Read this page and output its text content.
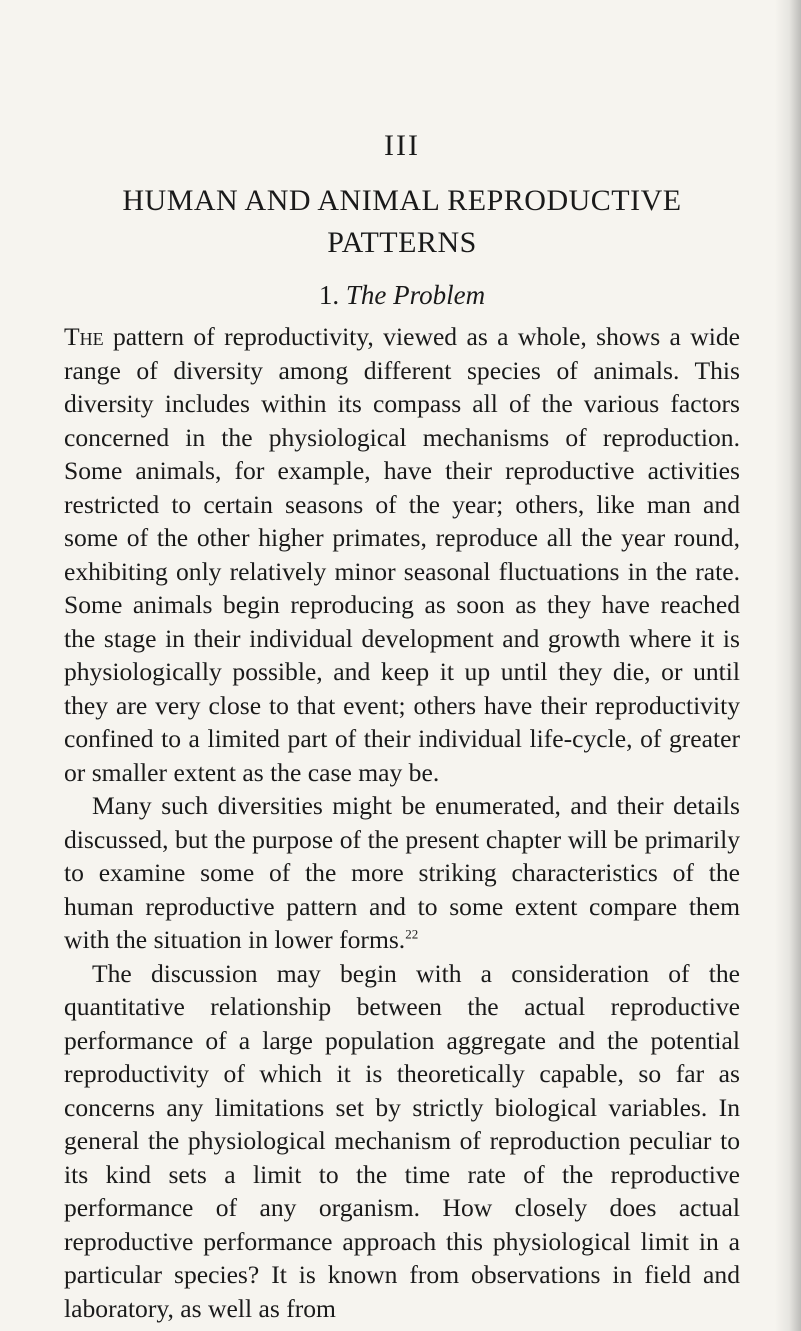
III
HUMAN AND ANIMAL REPRODUCTIVE
PATTERNS
1. The Problem

The pattern of reproductivity, viewed as a whole, shows a wide range of diversity among different species of animals. This diversity includes within its compass all of the various factors concerned in the physiological mechanisms of reproduction. Some animals, for example, have their reproductive activities restricted to certain seasons of the year; others, like man and some of the other higher primates, reproduce all the year round, exhibiting only relatively minor seasonal fluctuations in the rate. Some animals begin reproducing as soon as they have reached the stage in their individual development and growth where it is physiologically possible, and keep it up until they die, or until they are very close to that event; others have their reproductivity confined to a limited part of their individual life-cycle, of greater or smaller extent as the case may be.

Many such diversities might be enumerated, and their details discussed, but the purpose of the present chapter will be primarily to examine some of the more striking characteristics of the human reproductive pattern and to some extent compare them with the situation in lower forms.$^{22}$

The discussion may begin with a consideration of the quantitative relationship between the actual reproductive performance of a large population aggregate and the potential reproductivity of which it is theoretically capable, so far as concerns any limitations set by strictly biological variables. In general the physiological mechanism of reproduction peculiar to its kind sets a limit to the time rate of the reproductive performance of any organism. How closely does actual reproductive performance approach this physiological limit in a particular species? It is known from observations in field and laboratory, as well as from
